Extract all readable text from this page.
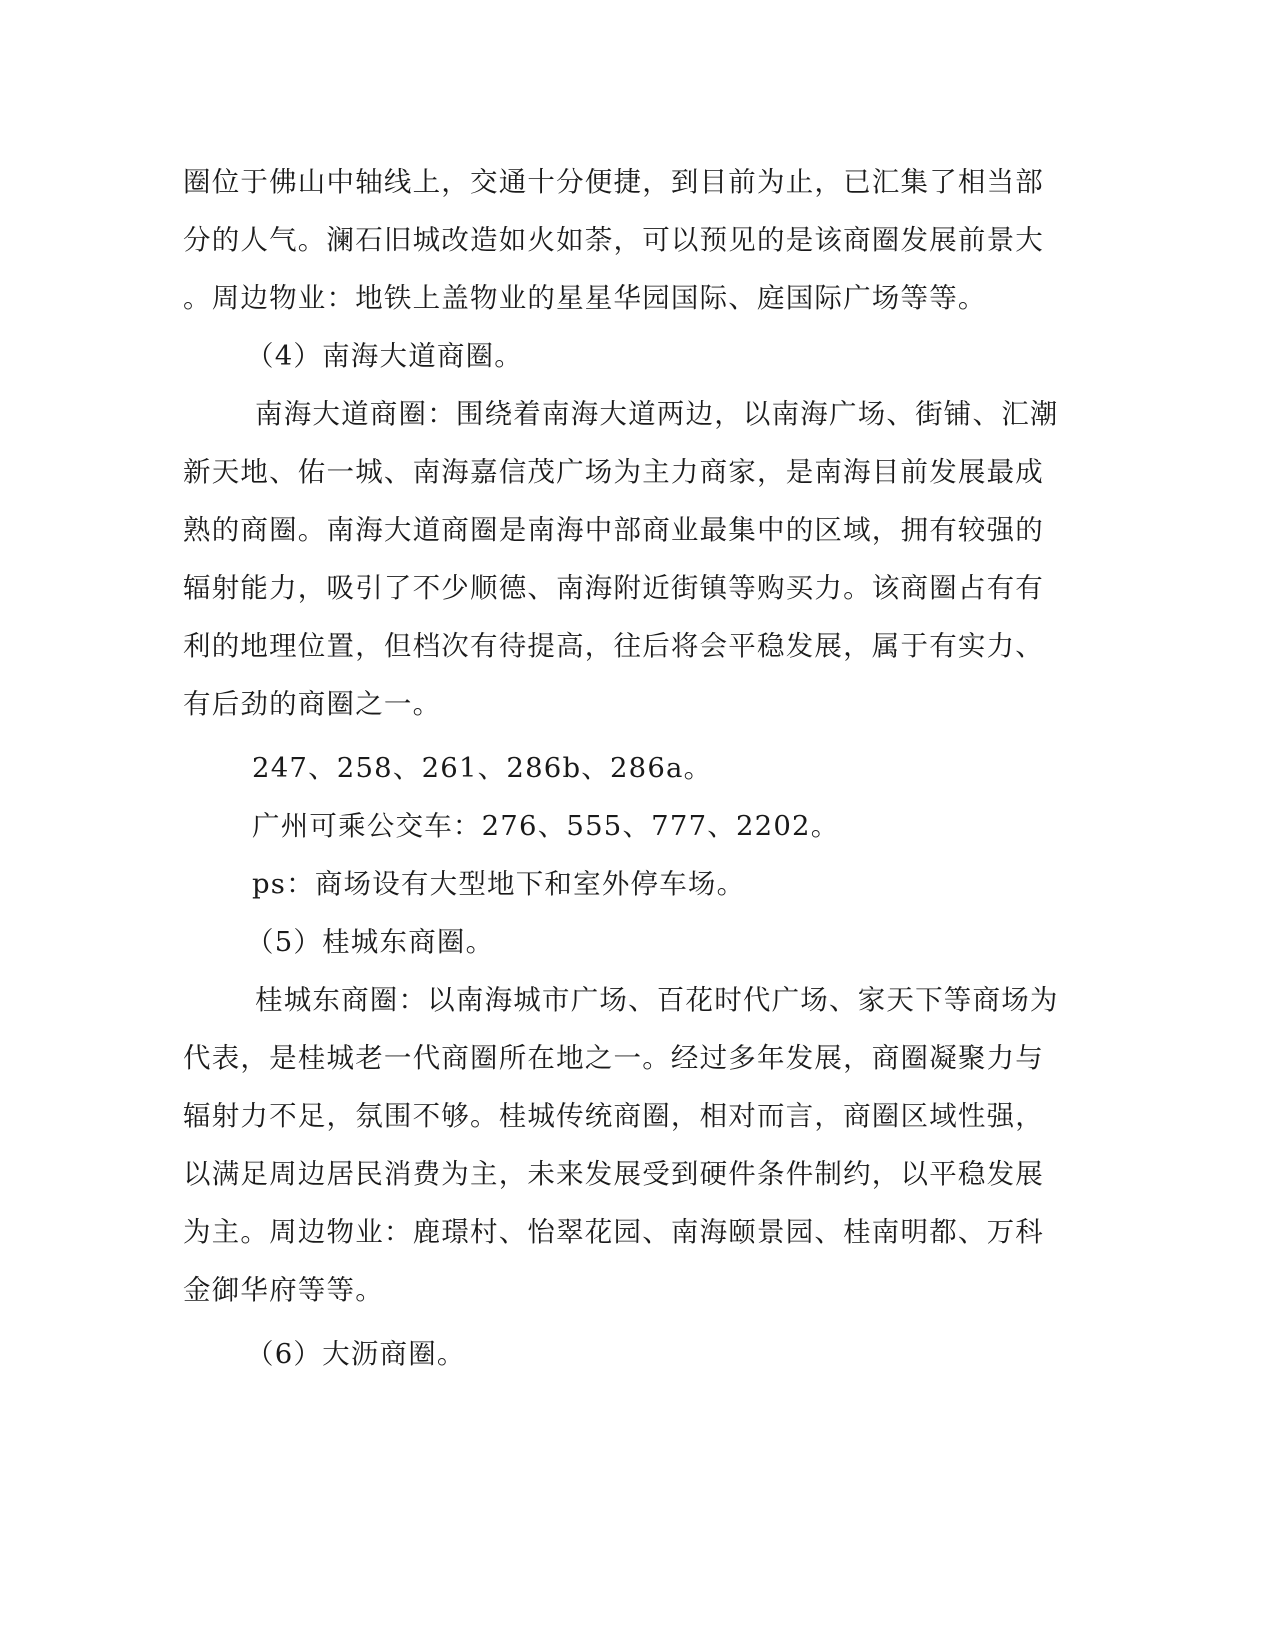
圈位于佛山中轴线上，交通十分便捷，到目前为止，已汇集了相当部

分的人气。澜石旧城改造如火如荼，可以预见的是该商圈发展前景大

。周边物业：地铁上盖物业的星星华园国际、庭国际广场等等。

（4）南海大道商圈。

南海大道商圈：围绕着南海大道两边，以南海广场、街铺、汇潮

新天地、佑一城、南海嘉信茂广场为主力商家，是南海目前发展最成

熟的商圈。南海大道商圈是南海中部商业最集中的区域，拥有较强的

辐射能力，吸引了不少顺德、南海附近街镇等购买力。该商圈占有有

利的地理位置，但档次有待提高，往后将会平稳发展，属于有实力、

有后劲的商圈之一。

247、258、261、286b、286a。

广州可乘公交车：276、555、777、2202。

ps：商场设有大型地下和室外停车场。

（5）桂城东商圈。

桂城东商圈：以南海城市广场、百花时代广场、家天下等商场为

代表，是桂城老一代商圈所在地之一。经过多年发展，商圈凝聚力与

辐射力不足，氛围不够。桂城传统商圈，相对而言，商圈区域性强，

以满足周边居民消费为主，未来发展受到硬件条件制约，以平稳发展

为主。周边物业：鹿璟村、怡翠花园、南海颐景园、桂南明都、万科

金御华府等等。

（6）大沥商圈。
